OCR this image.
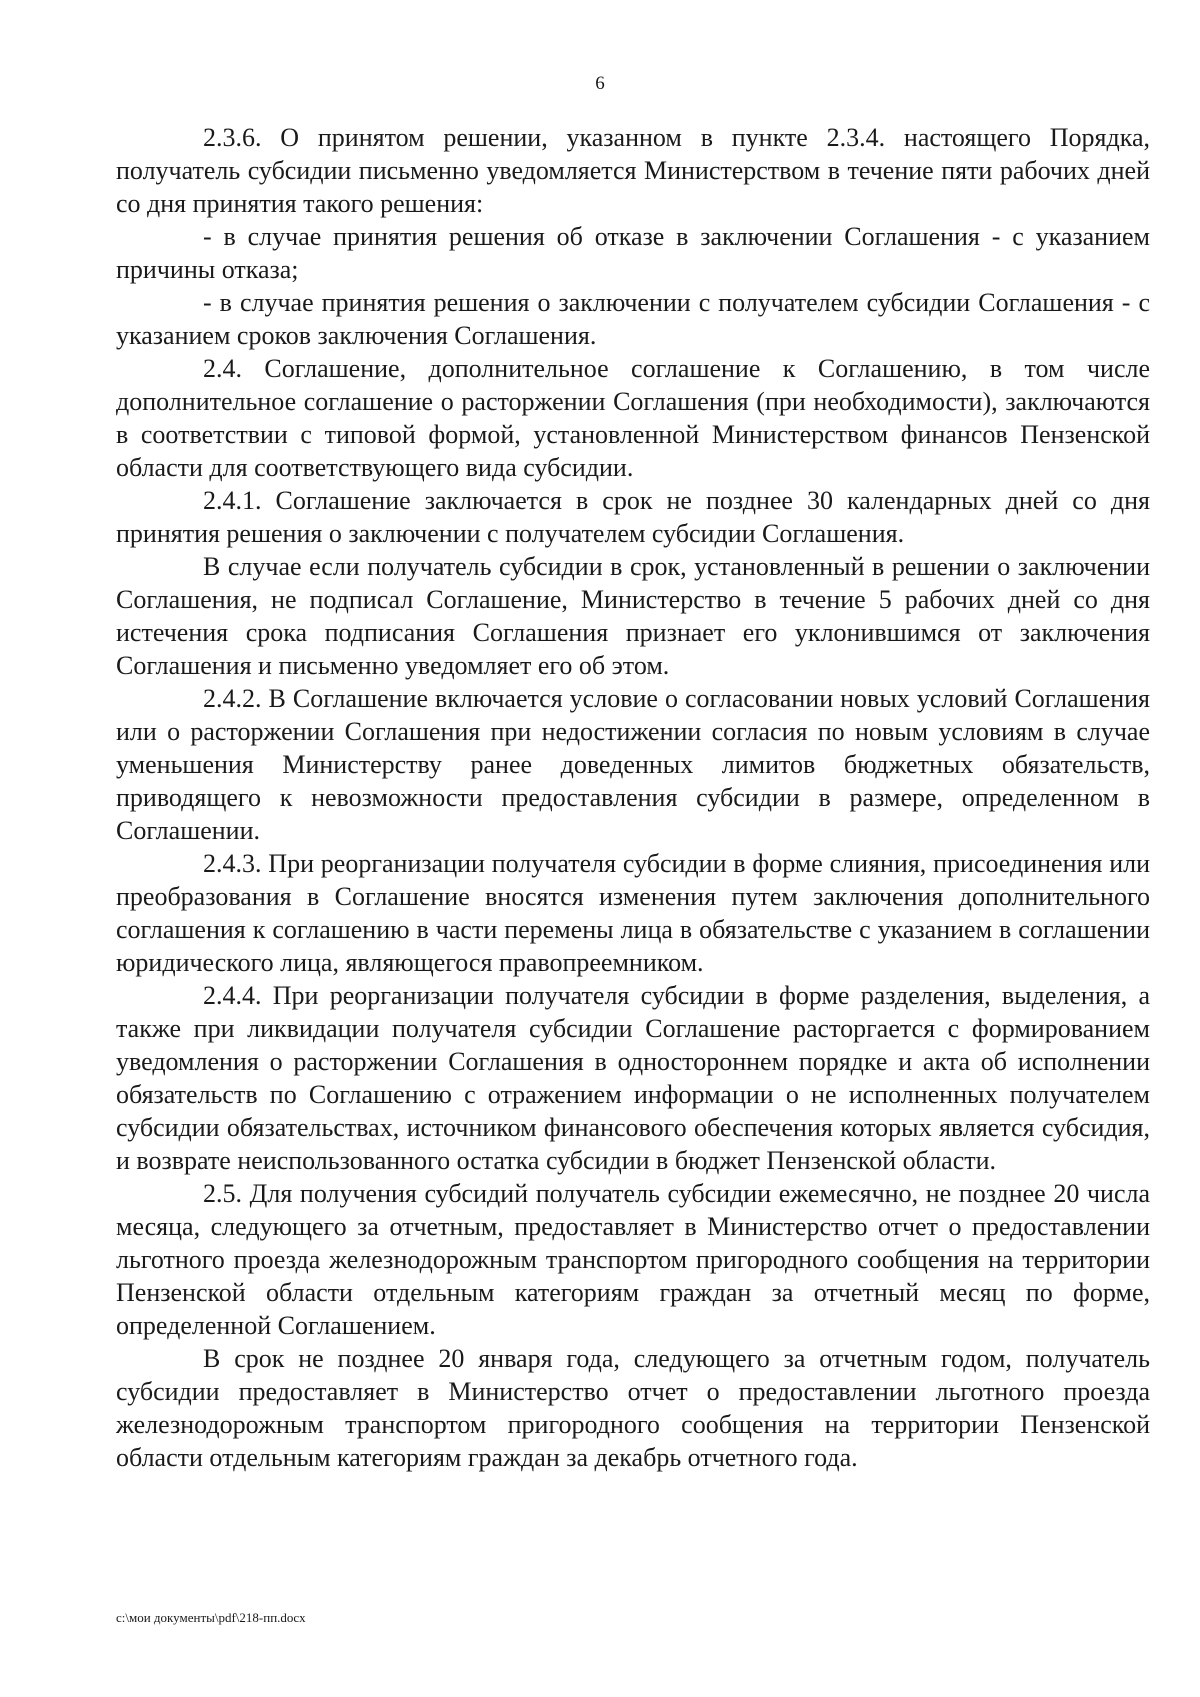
6

2.3.6. О принятом решении, указанном в пункте 2.3.4. настоящего Порядка, получатель субсидии письменно уведомляется Министерством в течение пяти рабочих дней со дня принятия такого решения:

- в случае принятия решения об отказе в заключении Соглашения - с указанием причины отказа;

- в случае принятия решения о заключении с получателем субсидии Соглашения - с указанием сроков заключения Соглашения.

2.4. Соглашение, дополнительное соглашение к Соглашению, в том числе дополнительное соглашение о расторжении Соглашения (при необходимости), заключаются в соответствии с типовой формой, установленной Министерством финансов Пензенской области для соответствующего вида субсидии.

2.4.1. Соглашение заключается в срок не позднее 30 календарных дней со дня принятия решения о заключении с получателем субсидии Соглашения.

В случае если получатель субсидии в срок, установленный в решении о заключении Соглашения, не подписал Соглашение, Министерство в течение 5 рабочих дней со дня истечения срока подписания Соглашения признает его уклонившимся от заключения Соглашения и письменно уведомляет его об этом.

2.4.2. В Соглашение включается условие о согласовании новых условий Соглашения или о расторжении Соглашения при недостижении согласия по новым условиям в случае уменьшения Министерству ранее доведенных лимитов бюджетных обязательств, приводящего к невозможности предоставления субсидии в размере, определенном в Соглашении.

2.4.3. При реорганизации получателя субсидии в форме слияния, присоединения или преобразования в Соглашение вносятся изменения путем заключения дополнительного соглашения к соглашению в части перемены лица в обязательстве с указанием в соглашении юридического лица, являющегося правопреемником.

2.4.4. При реорганизации получателя субсидии в форме разделения, выделения, а также при ликвидации получателя субсидии Соглашение расторгается с формированием уведомления о расторжении Соглашения в одностороннем порядке и акта об исполнении обязательств по Соглашению с отражением информации о не исполненных получателем субсидии обязательствах, источником финансового обеспечения которых является субсидия, и возврате неиспользованного остатка субсидии в бюджет Пензенской области.

2.5. Для получения субсидий получатель субсидии ежемесячно, не позднее 20 числа месяца, следующего за отчетным, предоставляет в Министерство отчет о предоставлении льготного проезда железнодорожным транспортом пригородного сообщения на территории Пензенской области отдельным категориям граждан за отчетный месяц по форме, определенной Соглашением.

В срок не позднее 20 января года, следующего за отчетным годом, получатель субсидии предоставляет в Министерство отчет о предоставлении льготного проезда железнодорожным транспортом пригородного сообщения на территории Пензенской области отдельным категориям граждан за декабрь отчетного года.

c:\мои документы\pdf\218-пп.docx
